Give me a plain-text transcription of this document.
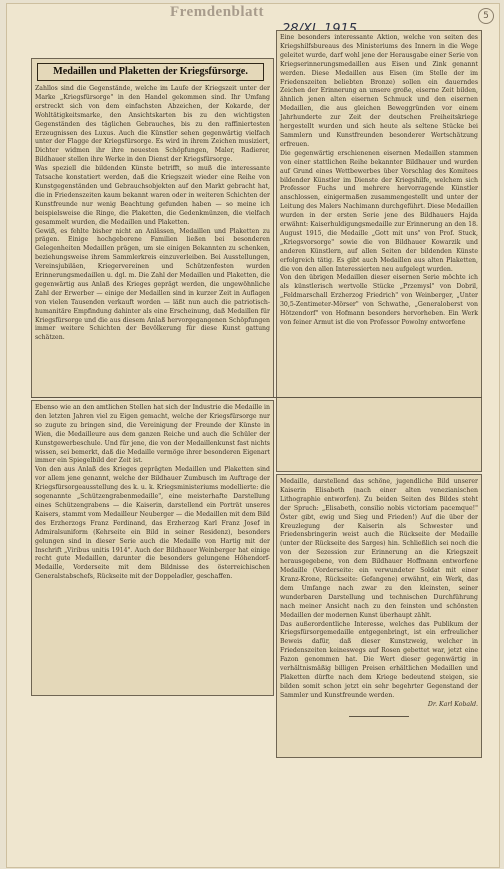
Fremdenblatt	5
Medaillen und Plaketten der Kriegsfürsorge.

Zahllos sind die Gegenstände, welche im Laufe der Kriegszeit unter der Marke „Kriegsfürsorge" in den Handel gekommen sind. Ihr Umfang erstreckt sich von dem einfachsten Abzeichen, der Kokarde, der Wohltätigkeitsmarke, den Ansichtskarten bis zu den wichtigsten Gegenständen des täglichen Gebrauches, bis zu den raffiniertesten Erzeugnissen des Luxus. Auch die Künstler sehen gegenwärtig vielfach unter der Flagge der Kriegsfürsorge. Es wird in ihrem Zeichen musiziert, Dichter widmen ihr ihre neuesten Schöpfungen, Maler, Radierer, Bildhauer stellen ihre Werke in den Dienst der Kriegsfürsorge.

Was speziell die bildenden Künste betrifft, so muß die interessante Tatsache konstatiert werden, daß die Kriegszeit wieder eine Reihe von Kunstgegenständen und Gebrauchsobjekten auf den Markt gebracht hat, die in Friedenszeiten kaum bekannt waren oder in weiteren Schichten der Kunstfreunde nur wenig Beachtung gefunden haben — so meine ich beispielsweise die Ringe, die Plaketten, die Gedenkmünzen, die vielfach gesammelt wurden, die Medaillen und Plaketten.

Gewiß, es fehlte bisher nicht an Anlässen, Medaillen und Plaketten zu prägen. Einige hochgeborene Familien ließen bei besonderen Gelegenheiten Medaillen prägen, um sie einigen Bekannten zu schenken, beziehungsweise ihrem Sammlerkreis einzuverleiben. Bei Ausstellungen, Vereinsjubiläen, Kriegervereinen und Schützenfesten wurden Erinnerungsmedaillen u. dgl. m. Die Zahl der Medaillen und Plaketten, die gegenwärtig aus Anlaß des Krieges geprägt werden, die ungewöhnliche Zahl der Erwerber — einige der Medaillen sind in kurzer Zeit in Auflagen von vielen Tausenden verkauft worden — läßt nun auch die patriotisch-humanitäre Empfindung dahinter als eine Erscheinung, daß Medaillen für Kriegsfürsorge und die aus diesem Anlaß hervorgegangenen Schöpfungen immer weitere Schichten der Bevölkerung für diese Kunst gattung schätzen.

Eine besonders interessante Aktion, welche von seiten des Kriegshilfsbureaus des Ministeriums des Innern in die Wege geleitet wurde, darf wohl jene der Herausgabe einer Serie von Kriegserinnerungsmedaillen aus Eisen und Zink genannt werden. Diese Medaillen aus Eisen (im Stelle der im Friedenszeiten beliebten Bronze) sollen ein dauerndes Zeichen der Erinnerung an unsere große, eiserne Zeit bilden, ähnlich jenen alten eisernen Schmuck und den eisernen Medaillen, die aus gleichen Beweggründen vor einem Jahrhunderte zur Zeit der deutschen Freiheitskriege hergestellt wurden und sich heute als seltene Stücke bei Sammlern und Kunstfreunden besonderer Wertschätzung erfreuen.

Die gegenwärtig erschienenen eisernen Medaillen stammen von einer stattlichen Reihe bekannter Bildhauer und wurden auf Grund eines Wettbewerbes über Vorschlag des Komitees bildender Künstler im Dienste der Kriegshilfe, welchem sich Professor Fuchs und mehrere hervorragende Künstler anschlossen, einigermaßen zusammengestellt und unter der Leitung des Malers Nachimann durchgeführt. Diese Medaillen wurden in der ersten Serie jene des Bildhauers Hajda erwähnt: Kaiserhuldigungsmedaille zur Erinnerung an den 18. August 1915, die Medaille „Gott mit uns" von Prof. Stuck, „Kriegsvorsorge" sowie die von Bildhauer Kowarzik und anderen Künstlern, auf allen Seiten der bildenden Künste erfolgreich tätig. Es gibt auch Medaillen aus alten Plaketten, die von den allen Interessierten neu aufgelegt wurden.

Von den übrigen Medaillen dieser eisernen Serie möchte ich als künstlerisch wertvolle Stücke „Przemysl" von Dobril, „Feldmarschall Erzherzog Friedrich" von Weinberger, „Unter 30,5-Zentimeter-Mörser" von Schwathe, „Generaloberst von Hötzendorf" von Hofmann besonders hervorheben. Ein Werk von feiner Armut ist die von Professor Powolny entworfene

Ebenso wie an den amtlichen Stellen hat sich der Industrie die Medaille in den letzten Jahren viel zu Eigen gemacht, welche der Kriegsfürsorge nur so zugute zu bringen sind, die Vereinigung der Freunde der Künste in Wien, die Medailleure aus dem ganzen Reiche und auch die Schüler der Kunstgewerbeschule. Und für jene, die von der Medaillenkunst fast nichts wissen, sei bemerkt, daß die Medaille vermöge ihrer besonderen Eigenart immer ein Spiegelbild der Zeit ist.

Von den aus Anlaß des Krieges geprägten Medaillen und Plaketten sind vor allem jene genannt, welche der Bildhauer Zumbusch im Auftrage der Kriegsfürsorgeausstellung des k. u. k. Kriegsministeriums modellierte: die sogenannte „Schützengrabenmedaille", eine meisterhafte Darstellung eines Schützengrabens — die Kaiserin, darstellend ein Porträt unseres Kaisers, stammt vom Medailleur Neuberger — die Medaillen mit dem Bild des Erzherzogs Franz Ferdinand, das Erzherzog Karl Franz Josef in Admiralsuniform (Kehrseite ein Bild in seiner Residenz), besonders gelungen sind in dieser Serie auch die Medaille von Hartig mit der Inschrift „Viribus unitis 1914". Auch der Bildhauer Weinberger hat einige recht gute Medaillen, darunter die besonders gelungene Höhendorf-Medaille, Vorderseite mit dem Bildnisse des österreichischen Generalstabschefs, Rückseite mit der Doppeladler, geschaffen.

Medaille, darstellend das schöne, jugendliche Bild unserer Kaiserin Elisabeth (nach einer alten venezianischen Lithographie entworfen). Zu beiden Seiten des Bildes steht der Spruch: „Elisabeth, consilio nobis victoriam pacemque!" Öster gibt, ewig und Sieg und Frieden!) Auf die über der Kreuzlegung der Kaiserin als Schwester und Friedensbringerin weist auch die Rückseite der Medaille (unter der Rückseite des Sarges) hin. Schließlich sei noch die von der Sezession zur Erinnerung an die Kriegszeit herausgegebene, von dem Bildhauer Hoffmann entworfene Medaille (Vorderseite: ein verwundeter Soldat mit einer Kranz-Krone, Rückseite: Gefangene) erwähnt, ein Werk, das dem Umfange nach zwar zu den kleinsten, seiner wunderbaren Darstellung und technischen Durchführung nach meiner Ansicht nach zu den feinsten und schönsten Medaillen der modernen Kunst überhaupt zählt.

Das außerordentliche Interesse, welches das Publikum der Kriegsfürsorgemedaille entgegenbringt, ist ein erfreulicher Beweis dafür, daß dieser Kunstzweig, welcher in Friedenszeiten keineswegs auf Rosen gebettet war, jetzt eine Fazon genommen hat. Die Wert dieser gegenwärtig in verhältnismäßig billigen Preisen erhältlichen Medaillen und Plaketten dürfte nach dem Kriege bedeutend steigen, sie bilden somit schon jetzt ein sehr begehrter Gegenstand der Sammler und Kunstfreunde werden.

Dr. Karl Kobald.
